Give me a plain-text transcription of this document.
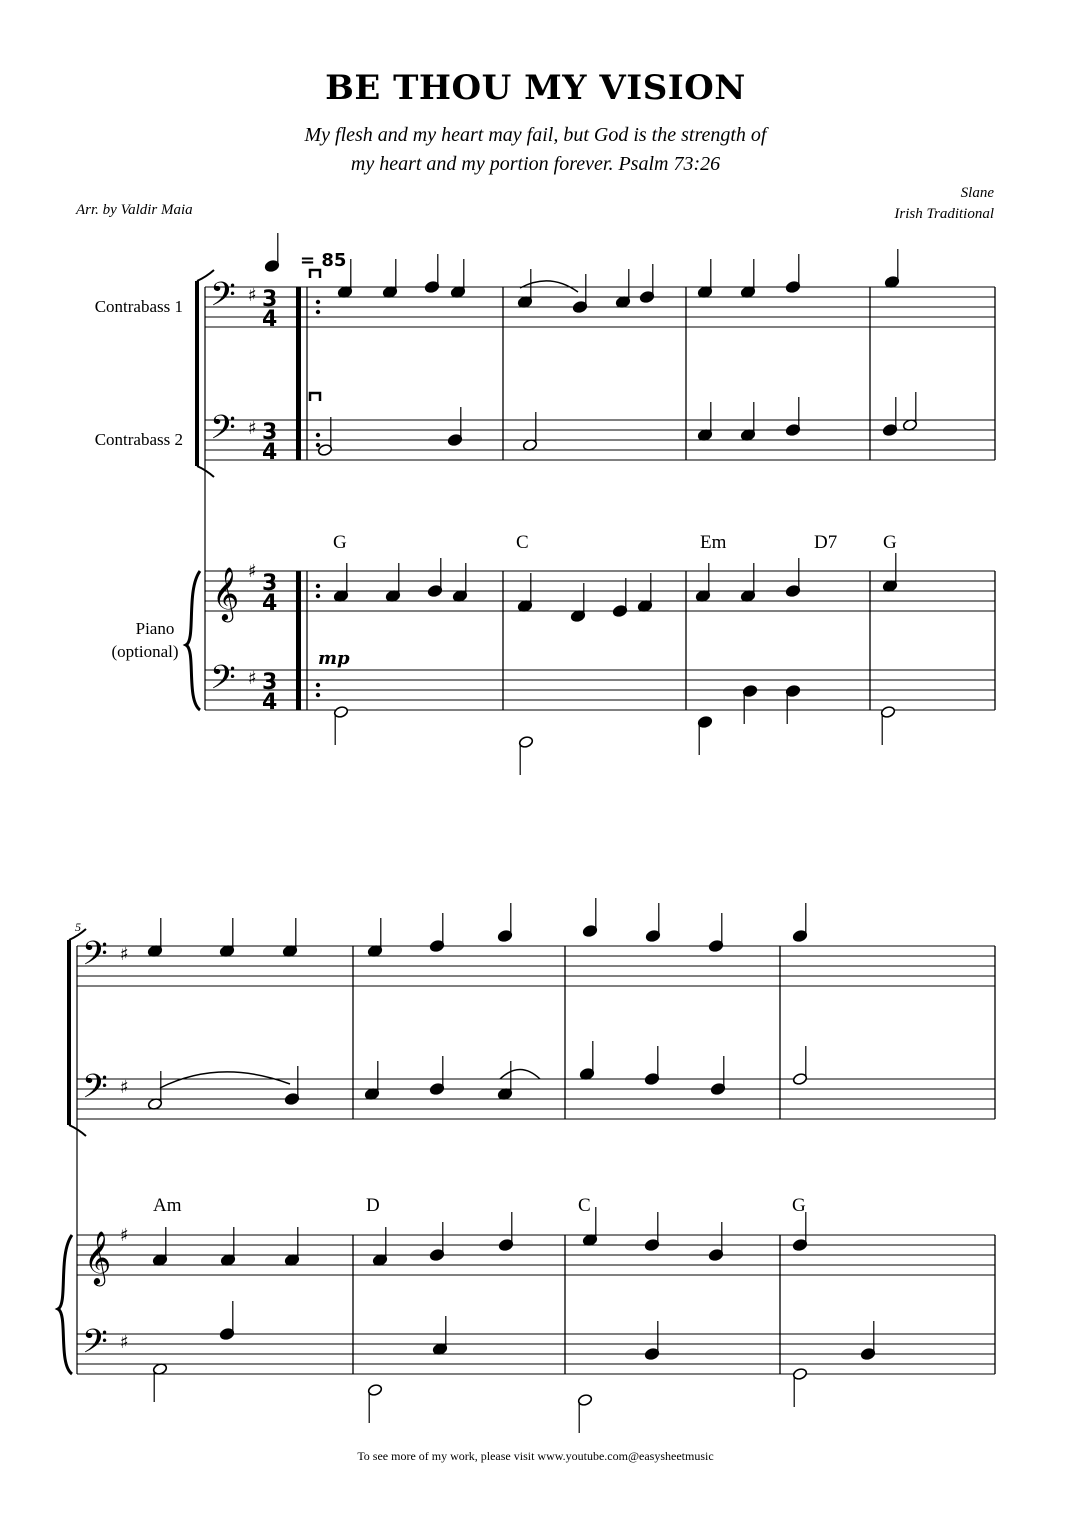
BE THOU MY VISION
My flesh and my heart may fail, but God is the strength of
my heart and my portion forever. Psalm 73:26
Arr. by Valdir Maia
Slane
Irish Traditional
Contrabass 1
Contrabass 2
Piano
(optional)
= 85
G	C	Em	D7 G
mp
5
Am	D	C	G
To see more of my work, please visit www.youtube.com@easysheetmusic
𝄢 ♯ 3
4
𝄢 ♯ 3
4
𝄞 ♯ 3
4
𝄢 ♯ 3
4
𝄢 ♯
𝄢 ♯
𝄞 ♯
𝄢 ♯
